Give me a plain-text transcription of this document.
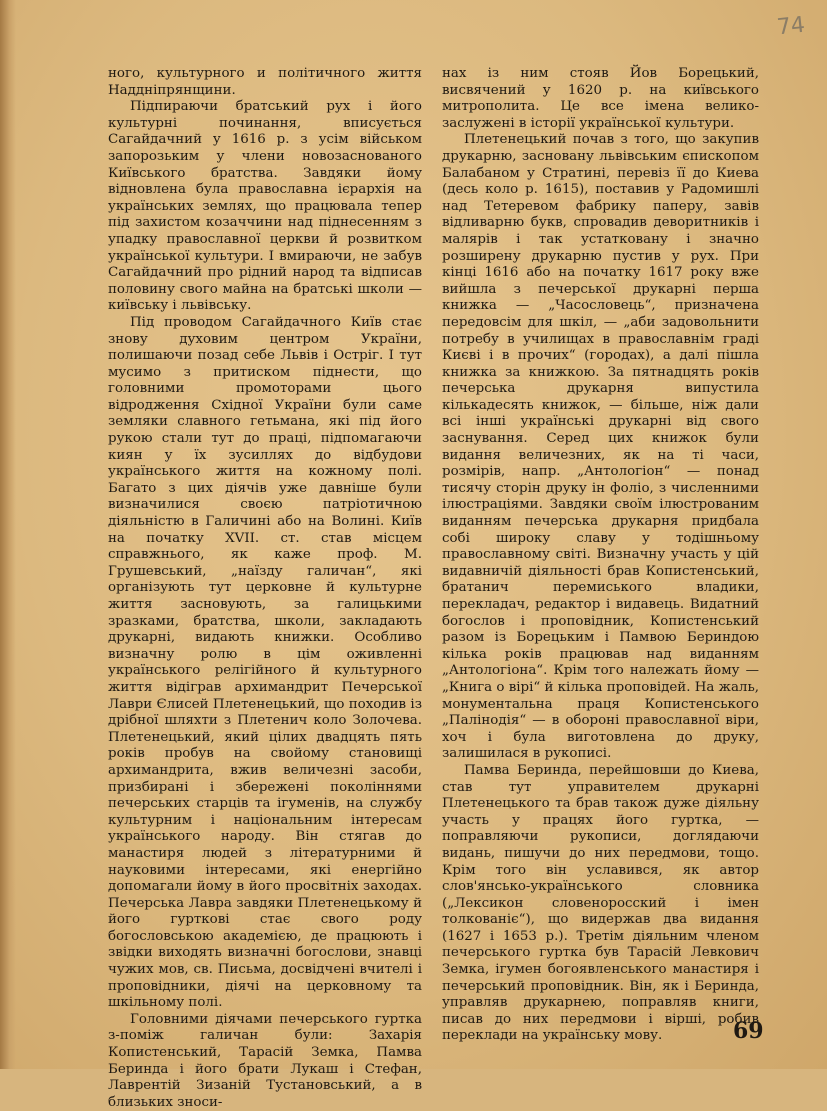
74

ного, культурного и політичного життя Наддніпрянщини.

Підпираючи братський рух і його культурні починання, вписується Сагайдачний у 1616 р. з усім військом запорозьким у члени новозаснованого Київського братства. Завдяки йому відновлена була православна ієрархія на українських землях, що працювала тепер під захистом козаччини над піднесенням з упадку православної церкви й розвитком української культури. І вмираючи, не забув Сагайдачний про рідний народ та відписав половину свого майна на братські школи — київську і львівську.

Під проводом Сагайдачного Київ стає знову духовим центром України, полишаючи позад себе Львів і Острiг. І тут мусимо з притиском піднести, що головними промоторами цього відродження Східної України були саме земляки славного гетьмана, які під його рукою стали тут до праці, підпомагаючи киян у їх зусиллях до відбудови українського життя на кожному полі. Багато з цих діячів уже давніше були визначилися своєю патріотичною діяльністю в Галичині або на Волині. Київ на початку XVII. ст. став місцем справжнього, як каже проф. М. Грушевський, „наїзду галичан“, які організують тут церковне й культурне життя засновують, за галицькими зразками, братства, школи, закладають друкарні, видають книжки. Особливо визначну ролю в цім оживленні українського релігійного й культурного життя відіграв архимандрит Печерської Лаври Єлисей Плетенецький, що походив із дрібної шляхти з Плетенич коло Золочева. Плетенецький, який цілих двадцять пять років пробув на свойому становищі архимандрита, вжив величезні засоби, призбирані і збережені поколіннями печерських старців та ігуменів, на службу культурним і національним інтересам українського народу. Він стягав до манастиря людей з літературними й науковими інтересами, які енергійно допомагали йому в його просвітніх заходах. Печерська Лавра завдяки Плетенецькому й його гуртковi стає свого роду богословською академією, де працюють і звідки виходять визначні богослови, знавці чужих мов, св. Письма, досвідчені вчителі і проповідники, діячі на церковному та шкільному полі.

Головними діячами печерського гуртка з-поміж галичан були: Захарія Копистенський, Тарасій Земка, Памва Беринда і його брати Лукаш і Стефан, Лаврентій Зизаній Тустановський, а в близьких зноси-

нах із ним стояв Йов Борецький, висвячений у 1620 р. на київського митрополита. Це все імена велико-заслужені в історії української культури.

Плетенецький почав з того, що закупив друкарню, засновану львівським єпископом Балабаном у Стратині, перевіз її до Киева (десь коло р. 1615), поставив у Радомишлі над Тетеревом фабрику паперу, завів відливарню букв, спровадив деворитників і малярів і так устатковану і значно розширену друкарню пустив у рух. При кінці 1616 або на початку 1617 року вже вийшла з печерської друкарні перша книжка — „Часословець“, призначена передовсім для шкіл, — „аби задовольнити потребу в училищах в православнім граді Києві і в прочих“ (городах), а далі пішла книжка за книжкою. За пятнадцять років печерська друкарня випустила кількадесять книжок, — більше, ніж дали всі інші українські друкарні від свого заснування. Серед цих книжок були видання величезних, як на ті часи, розмірів, напр. „Антологіон“ — понад тисячу сторін друку ін фоліо, з численними ілюстраціями. Завдяки своїм ілюстрованим виданням печерська друкарня придбала собі широку славу у тодішньому православному світі. Визначну участь у цій видавничій діяльності брав Копистенський, братанич перемиського владики, перекладач, редактор і видавець. Видатний богослов і проповідник, Копистенський разом із Борецьким і Памвою Бериндою кілька років працював над виданням „Антологіона“. Крім того належать йому — „Книга о вірі“ й кілька проповідей. На жаль, монументальна праця Копистенського „Палінодія“ — в обороні православної віри, хоч і була виготовлена до друку, залишилася в рукописі.

Памва Беринда, перейшовши до Киева, став тут управителем друкарні Плетенецького та брав також дуже діяльну участь у працях його гуртка, — поправляючи рукописи, доглядаючи видань, пишучи до них передмови, тощо. Крім того він уславився, як автор слов'янсько-українського словника („Лексикон словеноросский і імен толкованіє“), що видержав два видання (1627 і 1653 р.). Третім діяльним членом печерського гуртка був Тарасій Левкович Земка, ігумен богоявленського манастиря і печерський проповідник. Він, як і Беринда, управляв друкарнею, поправляв книги, писав до них передмови і вірші, робив переклади на українську мову.	69
